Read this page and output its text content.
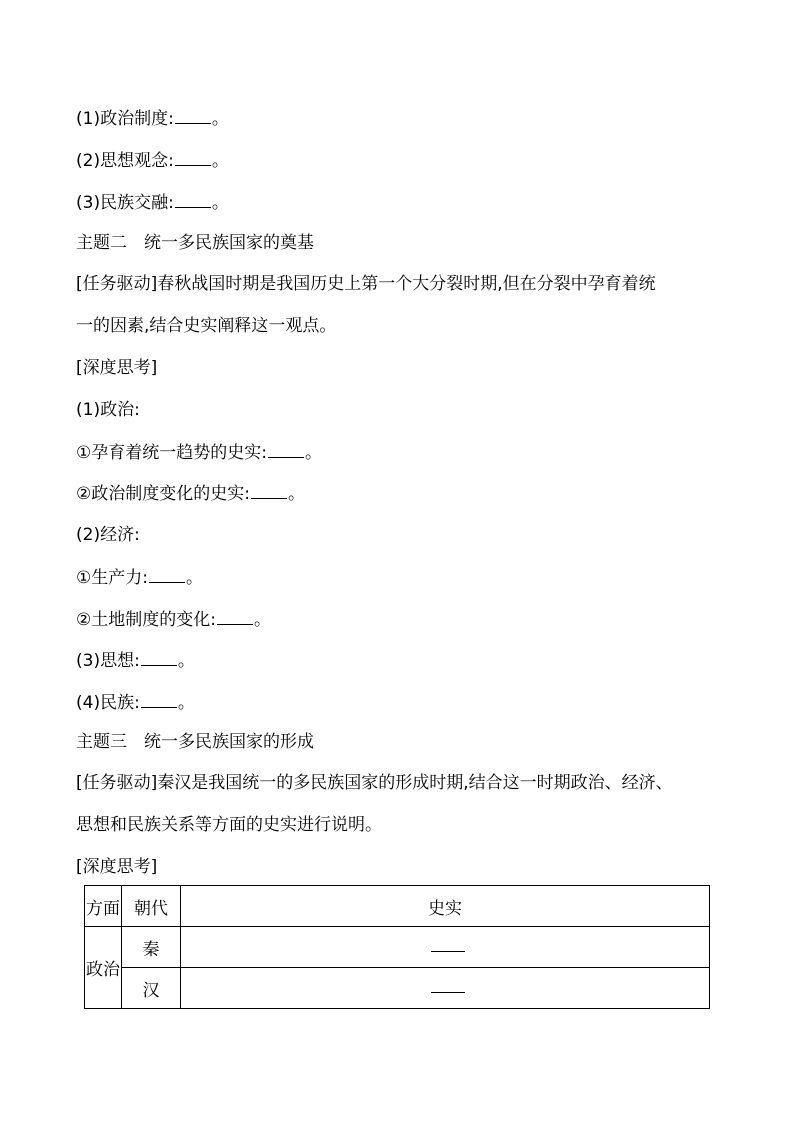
(1)政治制度: 。
(2)思想观念: 。
(3)民族交融: 。
主题二　统一多民族国家的奠基
[任务驱动]春秋战国时期是我国历史上第一个大分裂时期,但在分裂中孕育着统
一的因素,结合史实阐释这一观点。
[深度思考]
(1)政治:
①孕育着统一趋势的史实: 。
②政治制度变化的史实: 。
(2)经济:
①生产力: 。
②土地制度的变化: 。
(3)思想: 。
(4)民族: 。
主题三　统一多民族国家的形成
[任务驱动]秦汉是我国统一的多民族国家的形成时期,结合这一时期政治、经济、
思想和民族关系等方面的史实进行说明。
[深度思考]
方面	朝代	史实
政治	秦	
	汉	
